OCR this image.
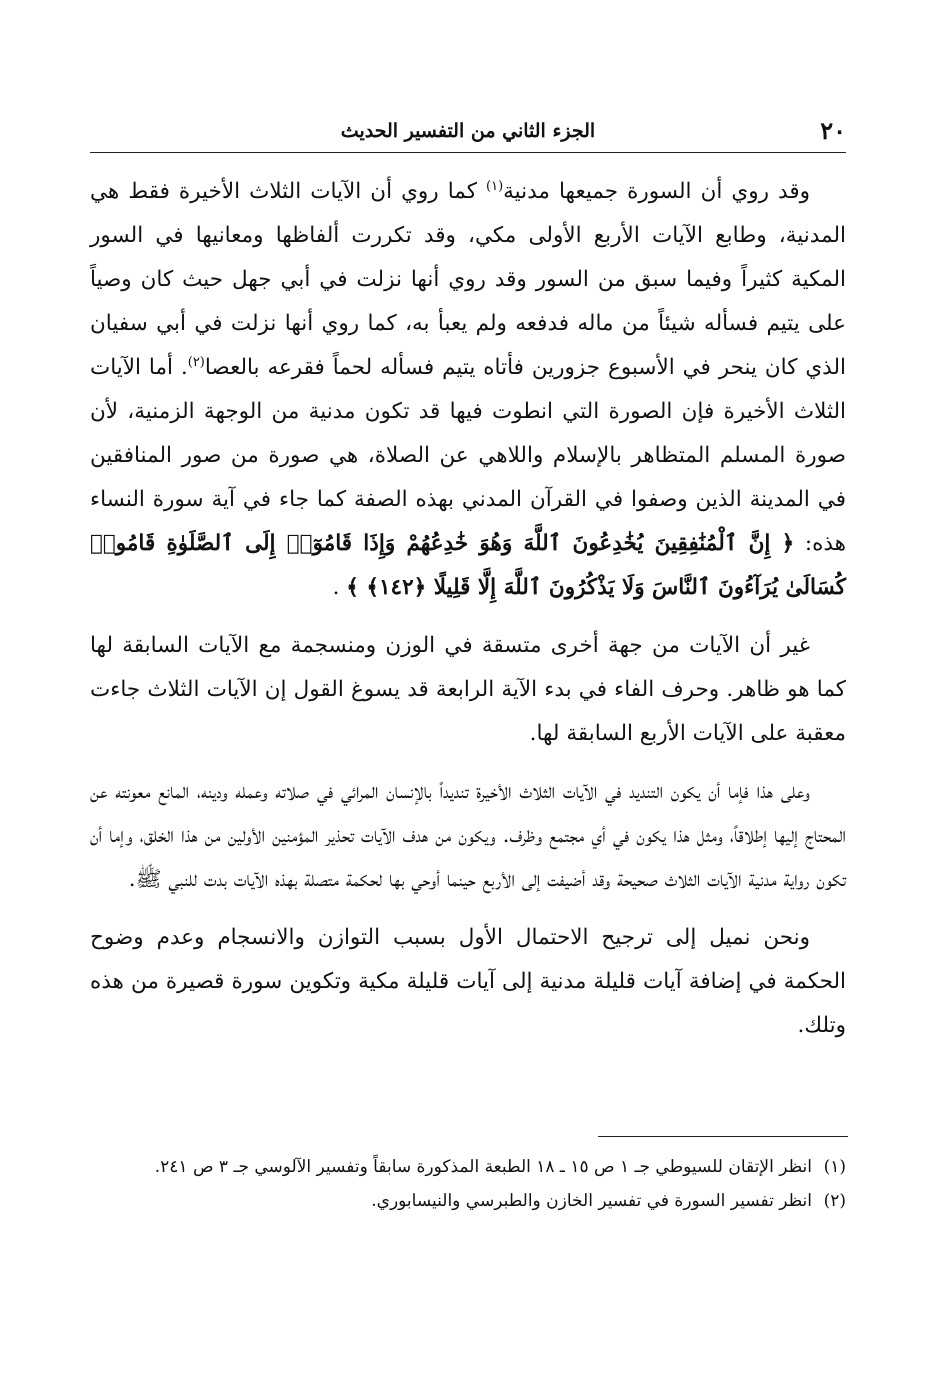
٢٠
الجزء الثاني من التفسير الحديث

وقد روي أن السورة جميعها مدنية$^{(١)}$ كما روي أن الآيات الثلاث الأخيرة فقط هي المدنية، وطابع الآيات الأربع الأولى مكي، وقد تكررت ألفاظها ومعانيها في السور المكية كثيراً وفيما سبق من السور وقد روي أنها نزلت في أبي جهل حيث كان وصياً على يتيم فسأله شيئاً من ماله فدفعه ولم يعبأ به، كما روي أنها نزلت في أبي سفيان الذي كان ينحر في الأسبوع جزورين فأتاه يتيم فسأله لحماً فقرعه بالعصا$^{(٢)}$. أما الآيات الثلاث الأخيرة فإن الصورة التي انطوت فيها قد تكون مدنية من الوجهة الزمنية، لأن صورة المسلم المتظاهر بالإسلام واللاهي عن الصلاة، هي صورة من صور المنافقين في المدينة الذين وصفوا في القرآن المدني بهذه الصفة كما جاء في آية سورة النساء هذه: ﴿ إِنَّ ٱلْمُنَٰفِقِينَ يُخَٰدِعُونَ ٱللَّهَ وَهُوَ خَٰدِعُهُمْ وَإِذَا قَامُوٓا۟ إِلَى ٱلصَّلَوٰةِ قَامُوا۟ كُسَالَىٰ يُرَآءُونَ ٱلنَّاسَ وَلَا يَذْكُرُونَ ٱللَّهَ إِلَّا قَلِيلًا ﴿١٤٢﴾ ﴾ .

غير أن الآيات من جهة أخرى متسقة في الوزن ومنسجمة مع الآيات السابقة لها كما هو ظاهر. وحرف الفاء في بدء الآية الرابعة قد يسوغ القول إن الآيات الثلاث جاءت معقبة على الآيات الأربع السابقة لها.

وعلى هذا فإما أن يكون التنديد في الآيات الثلاث الأخيرة تنديداً بالإنسان المرائي في صلاته وعمله ودينه، المانع معونته عن المحتاج إليها إطلاقاً، ومثل هذا يكون في أي مجتمع وظرف. ويكون من هدف الآيات تحذير المؤمنين الأولين من هذا الخلق، وإما أن تكون رواية مدنية الآيات الثلاث صحيحة وقد أضيفت إلى الأربع حينما أوحي بها لحكمة متصلة بهذه الآيات بدت للنبي ﷺ.

ونحن نميل إلى ترجيح الاحتمال الأول بسبب التوازن والانسجام وعدم وضوح الحكمة في إضافة آيات قليلة مدنية إلى آيات قليلة مكية وتكوين سورة قصيرة من هذه وتلك.

(١)انظر الإتقان للسيوطي جـ ١ ص ١٥ ـ ١٨ الطبعة المذكورة سابقاً وتفسير الآلوسي جـ ٣ ص ٢٤١.

(٢)انظر تفسير السورة في تفسير الخازن والطبرسي والنيسابوري.
